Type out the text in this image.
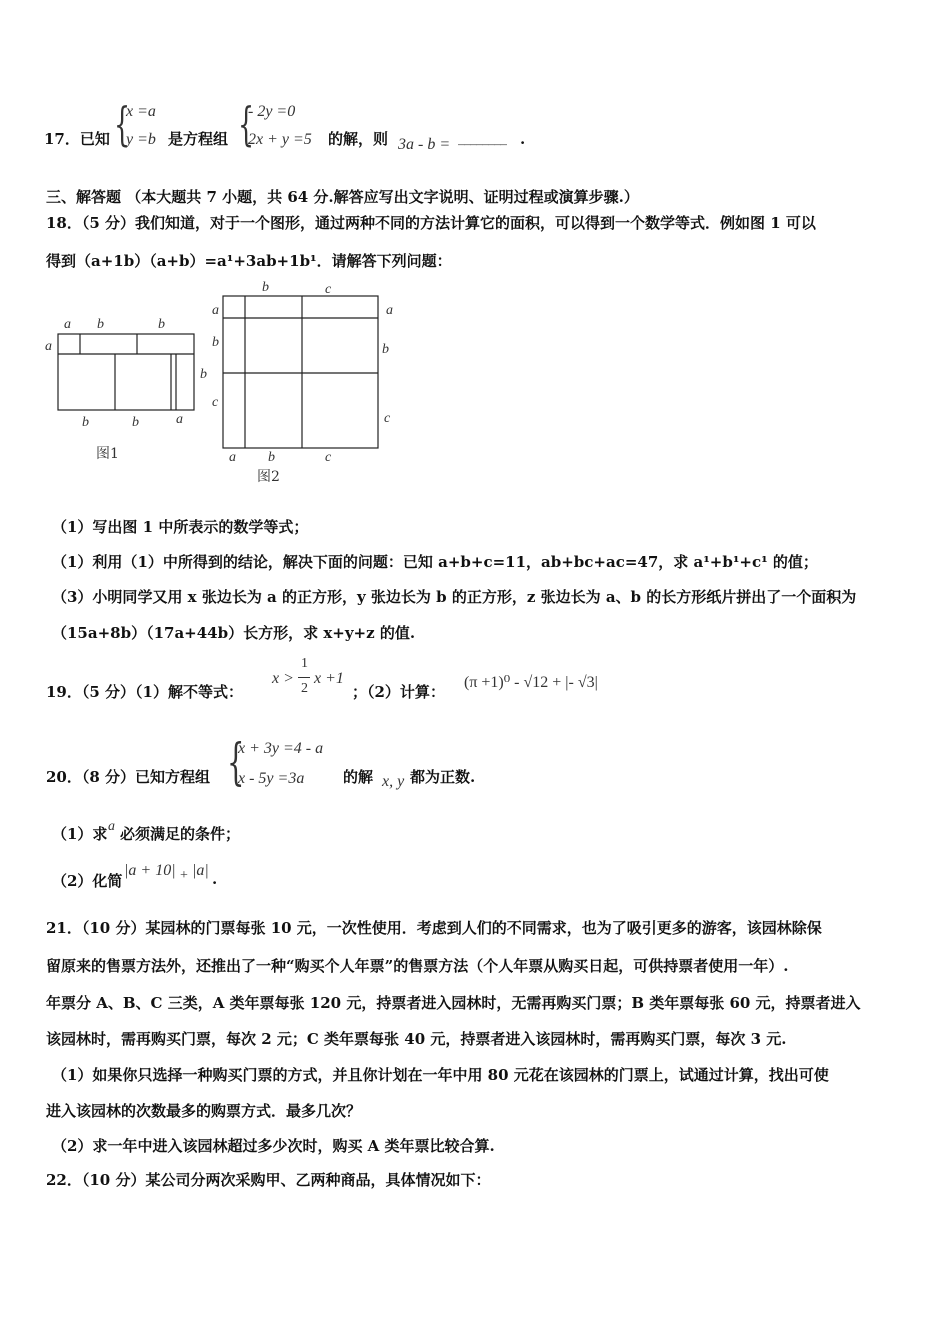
17．已知 {
x =a
y =b 是方程组 {
- 2y =0
2x + y =5 的解，则 3a - b = ________ .
三、解答题 （本大题共 7 小题，共 64 分.解答应写出文字说明、证明过程或演算步骤.）
18．（5 分）我们知道，对于一个图形，通过两种不同的方法计算它的面积，可以得到一个数学等式．例如图 1 可以
得到（a+1b）（a+b）=a¹+3ab+1b¹．请解答下列问题：
a b	b
a
b
b	b	a
图1
b	c
a
b
c
a
b
c
a b	c
图2
（1）写出图 1 中所表示的数学等式；
（1）利用（1）中所得到的结论，解决下面的问题：已知 a+b+c=11，ab+bc+ac=47，求 a¹+b¹+c¹ 的值；
（3）小明同学又用 x 张边长为 a 的正方形，y 张边长为 b 的正方形，z 张边长为 a、b 的长方形纸片拼出了一个面积为
（15a+8b）（17a+44b）长方形，求 x+y+z 的值.
19．（5 分）（1）解不等式：
x >
1
2
x +1
；（2）计算：
(π +1)⁰ - √12 + |- √3|
20．（8 分）已知方程组 {
x + 3y =4 - a
x - 5y =3a	的解 x, y 都为正数.
（1）求 a 必须满足的条件；
（2）化简
|a + 10| + |a| .
21．（10 分）某园林的门票每张 10 元，一次性使用．考虑到人们的不同需求，也为了吸引更多的游客，该园林除保
留原来的售票方法外，还推出了一种“购买个人年票”的售票方法（个人年票从购买日起，可供持票者使用一年）.
年票分 A、B、C 三类，A 类年票每张 120 元，持票者进入园林时，无需再购买门票；B 类年票每张 60 元，持票者进入
该园林时，需再购买门票，每次 2 元；C 类年票每张 40 元，持票者进入该园林时，需再购买门票，每次 3 元.
（1）如果你只选择一种购买门票的方式，并且你计划在一年中用 80 元花在该园林的门票上，试通过计算，找出可使
进入该园林的次数最多的购票方式．最多几次？
（2）求一年中进入该园林超过多少次时，购买 A 类年票比较合算.
22．（10 分）某公司分两次采购甲、乙两种商品，具体情况如下：
